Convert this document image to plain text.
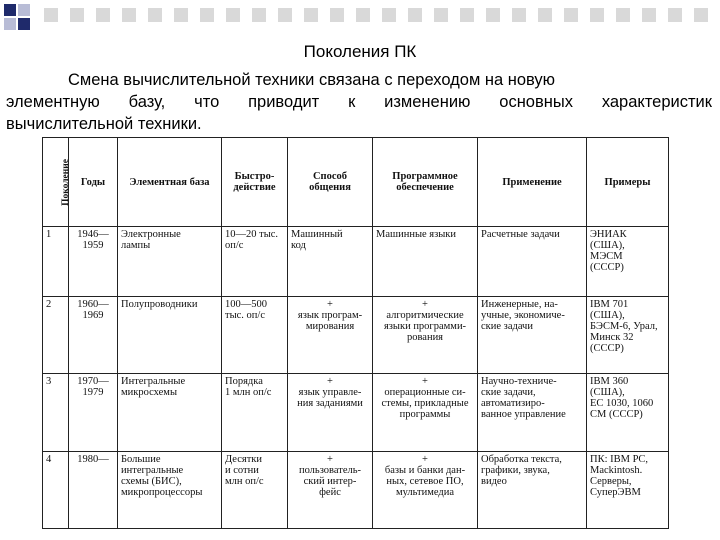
Поколения ПК
Смена вычислительной техники связана с переходом на новую
элементную базу, что приводит к изменению основных характеристик
вычислительной техники.
Поколение	Годы	Элементная база	Быстро-действие	Способ общения	Программное обеспечение	Применение	Примеры
1	1946—
1959	Электронные
лампы	10—20 тыс.
оп/с	Машинный
код	Машинные языки	Расчетные задачи	ЭНИАК
(США),
МЭСМ
(СССР)
2	1960—
1969	Полупроводники	100—500
тыс. оп/с	+
язык програм-
мирования	+
алгоритмические
языки программи-
рования	Инженерные, на-
учные, экономиче-
ские задачи	IBM 701
(США),
БЭСМ-6, Урал,
Минск 32
(СССР)
3	1970—
1979	Интегральные
микросхемы	Порядка
1 млн оп/с	+
язык управле-
ния заданиями	+
операционные си-
стемы, прикладные
программы	Научно-техниче-
ские задачи,
автоматизиро-
ванное управление	IBM 360
(США),
ЕС 1030, 1060
СМ (СССР)
4	1980—	Большие
интегральные
схемы (БИС),
микропроцессоры	Десятки
и сотни
млн оп/с	+
пользователь-
ский интер-
фейс	+
базы и банки дан-
ных, сетевое ПО,
мультимедиа	Обработка текста,
графики, звука,
видео	ПК: IBM PC,
Mackintosh.
Серверы,
СуперЭВМ
